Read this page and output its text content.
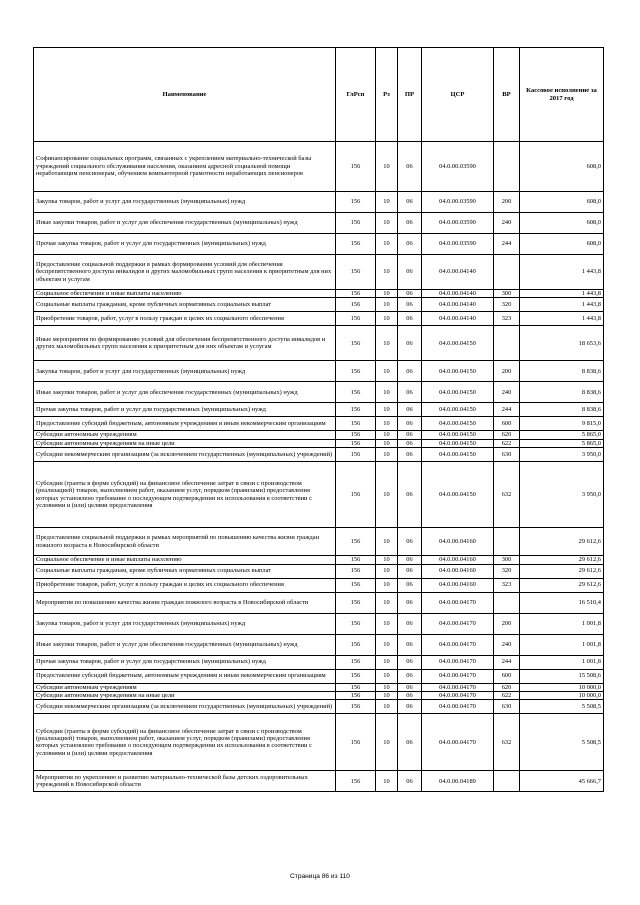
Наименование	ГлРсп	Рз	ПР	ЦСР	ВР	Кассовое исполнение за 2017 год
Софинансирование социальных программ, связанных с укреплением материально-технической базы учреждений социального обслуживания населения, оказанием адресной социальной помощи неработающим пенсионерам, обучением компьютерной грамотности неработающих пенсионеров	156	10	06	04.0.00.03590		608,0
Закупка товаров, работ и услуг для государственных (муниципальных) нужд	156	10	06	04.0.00.03590	200	608,0
Иные закупки товаров, работ и услуг для обеспечения государственных (муниципальных) нужд	156	10	06	04.0.00.03590	240	608,0
Прочая закупка товаров, работ и услуг для государственных (муниципальных) нужд	156	10	06	04.0.00.03590	244	608,0
Предоставление социальной поддержки в рамках формирования условий для обеспечения беспрепятственного доступа инвалидов и других маломобильных групп населения к приоритетным для них объектам и услугам	156	10	06	04.0.00.04140		1 443,8
Социальное обеспечение и иные выплаты населению	156	10	06	04.0.00.04140	300	1 443,8
Социальные выплаты гражданам, кроме публичных нормативных социальных выплат	156	10	06	04.0.00.04140	320	1 443,8
Приобретение товаров, работ, услуг в пользу граждан в целях их социального обеспечения	156	10	06	04.0.00.04140	323	1 443,8
Иные мероприятия по формированию условий для обеспечения беспрепятственного доступа инвалидов и других маломобильных групп населения к приоритетным для них объектам и услугам	156	10	06	04.0.00.04150		18 653,6
Закупка товаров, работ и услуг для государственных (муниципальных) нужд	156	10	06	04.0.00.04150	200	8 838,6
Иные закупки товаров, работ и услуг для обеспечения государственных (муниципальных) нужд	156	10	06	04.0.00.04150	240	8 838,6
Прочая закупка товаров, работ и услуг для государственных (муниципальных) нужд	156	10	06	04.0.00.04150	244	8 838,6
Предоставление субсидий бюджетным, автономным учреждениям и иным некоммерческим организациям	156	10	06	04.0.00.04150	600	9 815,0
Субсидии автономным учреждениям	156	10	06	04.0.00.04150	620	5 865,0
Субсидии автономным учреждениям на иные цели	156	10	06	04.0.00.04150	622	5 865,0
Субсидии некоммерческим организациям (за исключением государственных (муниципальных) учреждений)	156	10	06	04.0.00.04150	630	3 950,0
Субсидии (гранты в форме субсидий) на финансовое обеспечение затрат в связи с производством (реализацией) товаров, выполнением работ, оказанием услуг, порядком (правилами) предоставления которых установлено требование о последующем подтверждении их использования в соответствии с условиями и (или) целями предоставления	156	10	06	04.0.00.04150	632	3 950,0
Предоставление социальной поддержки в рамках мероприятий по повышению качества жизни граждан пожилого возраста в Новосибирской области	156	10	06	04.0.00.04160		29 612,6
Социальное обеспечение и иные выплаты населению	156	10	06	04.0.00.04160	300	29 612,6
Социальные выплаты гражданам, кроме публичных нормативных социальных выплат	156	10	06	04.0.00.04160	320	29 612,6
Приобретение товаров, работ, услуг в пользу граждан в целях их социального обеспечения	156	10	06	04.0.00.04160	323	29 612,6
Мероприятия по повышению качества жизни граждан пожилого возраста в Новосибирской области	156	10	06	04.0.00.04170		16 510,4
Закупка товаров, работ и услуг для государственных (муниципальных) нужд	156	10	06	04.0.00.04170	200	1 001,8
Иные закупки товаров, работ и услуг для обеспечения государственных (муниципальных) нужд	156	10	06	04.0.00.04170	240	1 001,8
Прочая закупка товаров, работ и услуг для государственных (муниципальных) нужд	156	10	06	04.0.00.04170	244	1 001,8
Предоставление субсидий бюджетным, автономным учреждениям и иным некоммерческим организациям	156	10	06	04.0.00.04170	600	15 508,6
Субсидии автономным учреждениям	156	10	06	04.0.00.04170	620	10 000,0
Субсидии автономным учреждениям на иные цели	156	10	06	04.0.00.04170	622	10 000,0
Субсидии некоммерческим организациям (за исключением государственных (муниципальных) учреждений)	156	10	06	04.0.00.04170	630	5 508,5
Субсидии (гранты в форме субсидий) на финансовое обеспечение затрат в связи с производством (реализацией) товаров, выполнением работ, оказанием услуг, порядком (правилами) предоставления которых установлено требование о последующем подтверждении их использования в соответствии с условиями и (или) целями предоставления	156	10	06	04.0.00.04170	632	5 508,5
Мероприятия по укреплению и развитию материально-технической базы детских оздоровительных учреждений в Новосибирской области	156	10	06	04.0.00.04189		45 666,7
Страница 86 из 110
